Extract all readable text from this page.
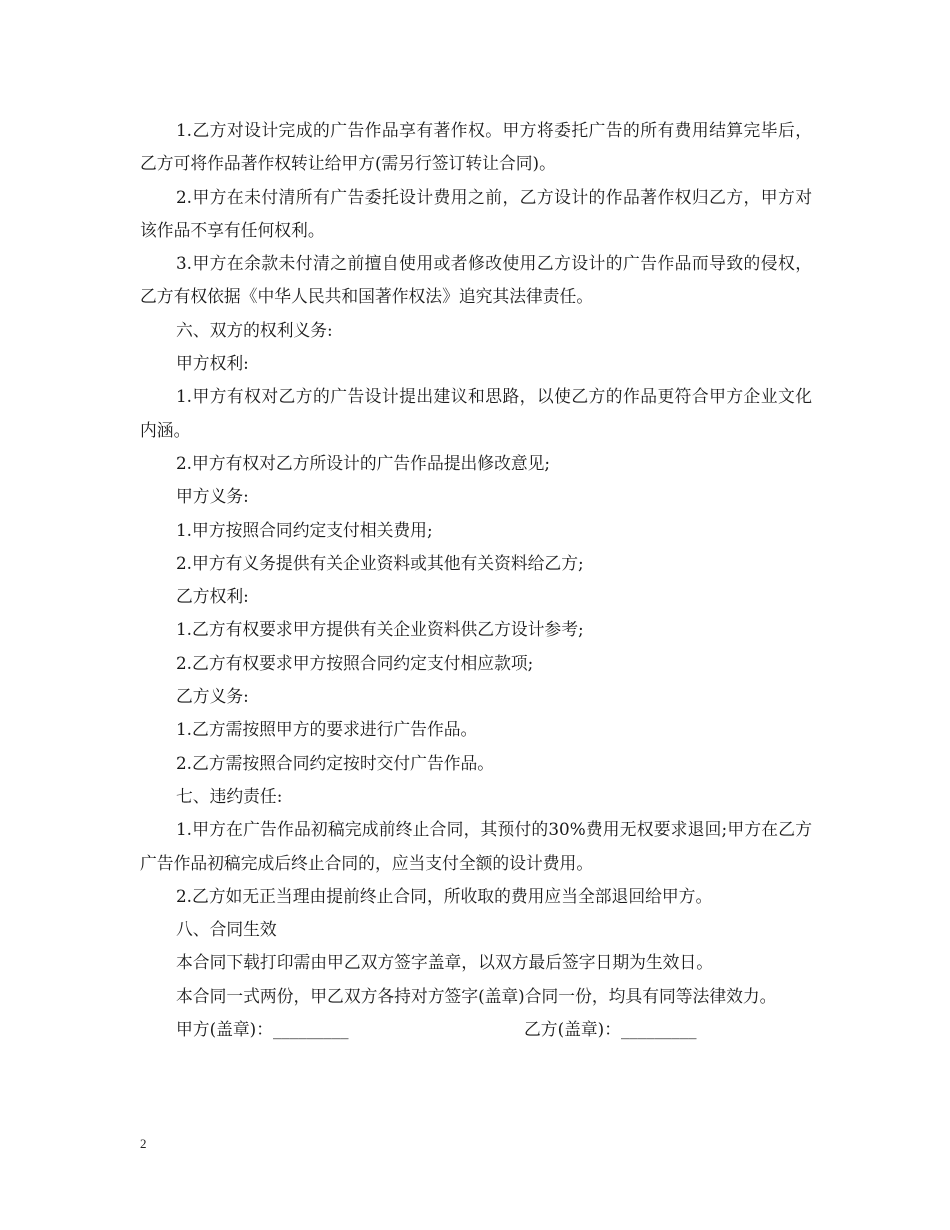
1.乙方对设计完成的广告作品享有著作权。甲方将委托广告的所有费用结算完毕后，乙方可将作品著作权转让给甲方(需另行签订转让合同)。

2.甲方在未付清所有广告委托设计费用之前，乙方设计的作品著作权归乙方，甲方对该作品不享有任何权利。

3.甲方在余款未付清之前擅自使用或者修改使用乙方设计的广告作品而导致的侵权，乙方有权依据《中华人民共和国著作权法》追究其法律责任。

六、双方的权利义务:

甲方权利:

1.甲方有权对乙方的广告设计提出建议和思路，以使乙方的作品更符合甲方企业文化内涵。

2.甲方有权对乙方所设计的广告作品提出修改意见;

甲方义务:

1.甲方按照合同约定支付相关费用;

2.甲方有义务提供有关企业资料或其他有关资料给乙方;

乙方权利:

1.乙方有权要求甲方提供有关企业资料供乙方设计参考;

2.乙方有权要求甲方按照合同约定支付相应款项;

乙方义务:

1.乙方需按照甲方的要求进行广告作品。

2.乙方需按照合同约定按时交付广告作品。

七、违约责任:

1.甲方在广告作品初稿完成前终止合同，其预付的30%费用无权要求退回;甲方在乙方广告作品初稿完成后终止合同的，应当支付全额的设计费用。

2.乙方如无正当理由提前终止合同，所收取的费用应当全部退回给甲方。

八、合同生效

本合同下载打印需由甲乙双方签字盖章，以双方最后签字日期为生效日。

本合同一式两份，甲乙双方各持对方签字(盖章)合同一份，均具有同等法律效力。

甲方(盖章)：_________	乙方(盖章)：_________
2
